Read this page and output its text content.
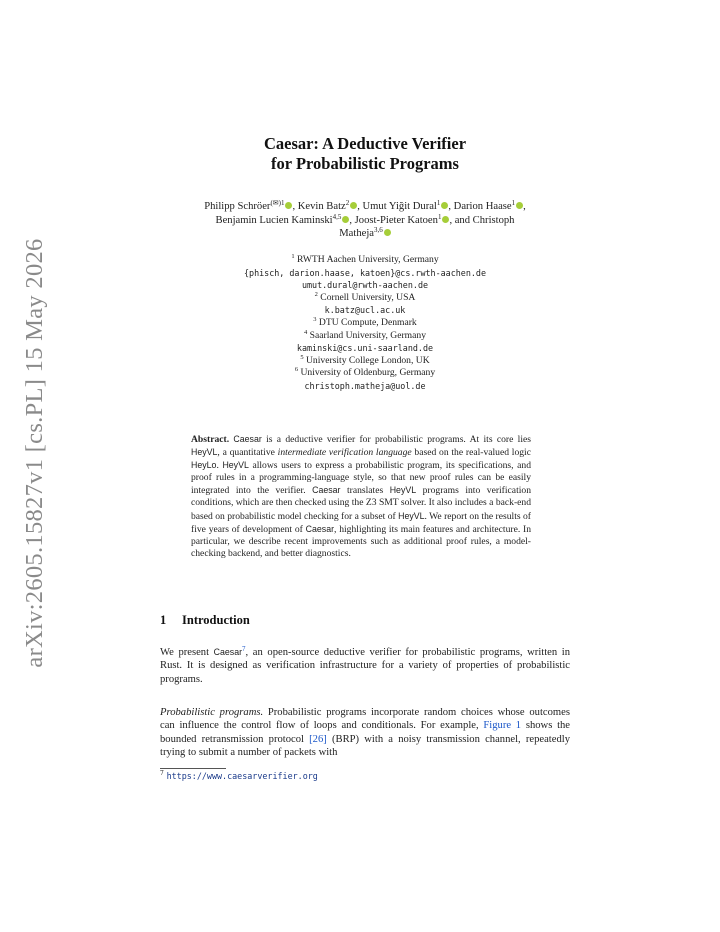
arXiv:2605.15827v1 [cs.PL] 15 May 2026
Caesar: A Deductive Verifier
for Probabilistic Programs
Philipp Schröer$^{(✉)1}$ , Kevin Batz$^2$ , Umut Yiğit Dural$^1$ , Darion Haase$^1$ ,
Benjamin Lucien Kaminski$^{4,5}$ , Joost-Pieter Katoen$^1$ , and Christoph
Matheja$^{3,6}$
$^1$ RWTH Aachen University, Germany
{phisch, darion.haase, katoen}@cs.rwth-aachen.de
umut.dural@rwth-aachen.de
$^2$ Cornell University, USA
k.batz@ucl.ac.uk
$^3$ DTU Compute, Denmark
$^4$ Saarland University, Germany
kaminski@cs.uni-saarland.de
$^5$ University College London, UK
$^6$ University of Oldenburg, Germany
christoph.matheja@uol.de
Abstract. Caesar is a deductive verifier for probabilistic programs. At its core lies HeyVL, a quantitative intermediate verification language based on the real-valued logic HeyLo. HeyVL allows users to express a probabilistic program, its specifications, and proof rules in a programming-language style, so that new proof rules can be easily integrated into the verifier. Caesar translates HeyVL programs into verification conditions, which are then checked using the Z3 SMT solver. It also includes a back-end based on probabilistic model checking for a subset of HeyVL. We report on the results of five years of development of Caesar, highlighting its main features and architecture. In particular, we describe recent improvements such as additional proof rules, a model-checking backend, and better diagnostics.
1 Introduction
We present Caesar$^7$, an open-source deductive verifier for probabilistic programs, written in Rust. It is designed as verification infrastructure for a variety of properties of probabilistic programs.
Probabilistic programs. Probabilistic programs incorporate random choices whose outcomes can influence the control flow of loops and conditionals. For example, Figure 1 shows the bounded retransmission protocol [26] (BRP) with a noisy transmission channel, repeatedly trying to submit a number of packets with
$^7$ https://www.caesarverifier.org
